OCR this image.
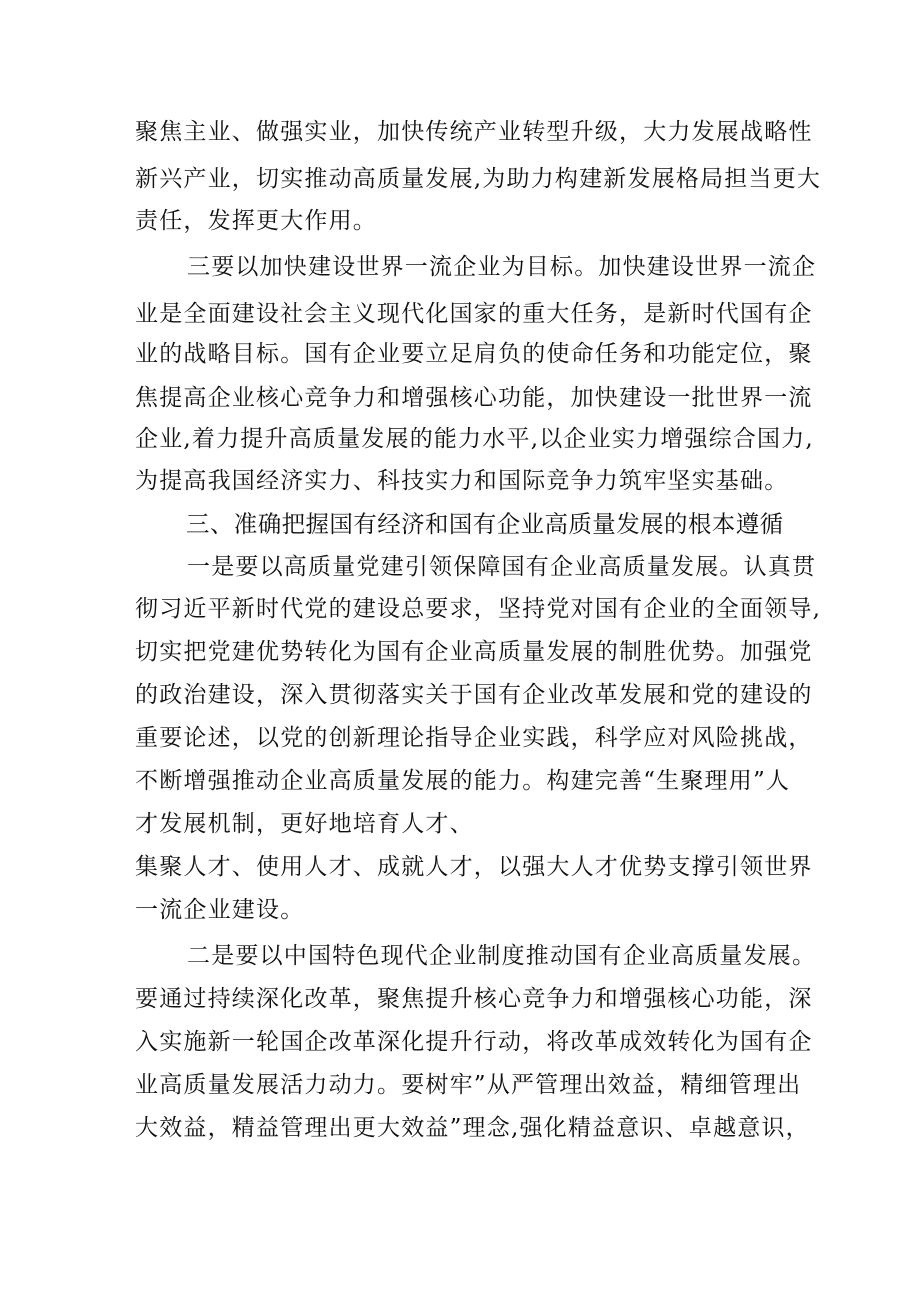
聚焦主业、做强实业，加快传统产业转型升级，大力发展战略性
新兴产业，切实推动高质量发展,为助力构建新发展格局担当更大
责任，发挥更大作用。
三要以加快建设世界一流企业为目标。加快建设世界一流企
业是全面建设社会主义现代化国家的重大任务，是新时代国有企
业的战略目标。国有企业要立足肩负的使命任务和功能定位，聚
焦提高企业核心竞争力和增强核心功能，加快建设一批世界一流
企业,着力提升高质量发展的能力水平,以企业实力增强综合国力,
为提高我国经济实力、科技实力和国际竞争力筑牢坚实基础。
三、准确把握国有经济和国有企业高质量发展的根本遵循
一是要以高质量党建引领保障国有企业高质量发展。认真贯
彻习近平新时代党的建设总要求，坚持党对国有企业的全面领导,
切实把党建优势转化为国有企业高质量发展的制胜优势。加强党
的政治建设，深入贯彻落实关于国有企业改革发展和党的建设的
重要论述，以党的创新理论指导企业实践，科学应对风险挑战，
不断增强推动企业高质量发展的能力。构建完善“生聚理用”人
才发展机制，更好地培育人才、
集聚人才、使用人才、成就人才，以强大人才优势支撑引领世界
一流企业建设。
二是要以中国特色现代企业制度推动国有企业高质量发展。
要通过持续深化改革，聚焦提升核心竞争力和增强核心功能，深
入实施新一轮国企改革深化提升行动，将改革成效转化为国有企
业高质量发展活力动力。要树牢”从严管理出效益，精细管理出
大效益，精益管理出更大效益”理念,强化精益意识、卓越意识，
